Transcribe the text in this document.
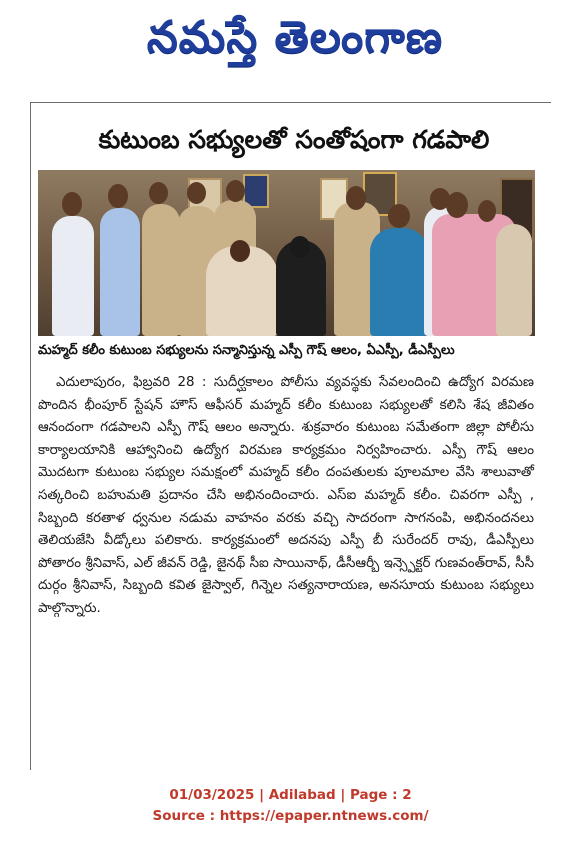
నమస్తే తెలంగాణ
కుటుంబ సభ్యులతో సంతోషంగా గడపాలి
మహ్మద్ కలీం కుటుంబ సభ్యులను సన్మానిస్తున్న ఎస్పీ గౌష్ ఆలం, ఏఎస్పీ, డీఎస్పీలు

ఎదులాపురం, ఫిబ్రవరి 28 : సుదీర్ఘకాలం పోలీసు వ్యవస్థకు సేవలందించి ఉద్యోగ విరమణ పొందిన భీంపూర్ స్టేషన్ హౌస్ ఆఫీసర్ మహ్మద్ కలీం కుటుంబ సభ్యులతో కలిసి శేష జీవితం ఆనందంగా గడపాలని ఎస్పీ గౌష్ ఆలం అన్నారు. శుక్రవారం కుటుంబ సమేతంగా జిల్లా పోలీసు కార్యాలయానికి ఆహ్వానించి ఉద్యోగ విరమణ కార్యక్రమం నిర్వహించారు. ఎస్పీ గౌష్ ఆలం మొదటగా కుటుంబ సభ్యుల సమక్షంలో మహ్మద్ కలీం దంపతులకు పూలమాల వేసి శాలువాతో సత్కరించి బహుమతి ప్రదానం చేసి అభినందించారు. ఎస్ఐ మహ్మద్ కలీం. చివరగా ఎస్పీ , సిబ్బంది కరతాళ ధ్వనుల నడుమ వాహనం వరకు వచ్చి సాదరంగా సాగనంపి, అభినందనలు తెలియజేసి వీడ్కోలు పలికారు. కార్యక్రమంలో అదనపు ఎస్పీ బీ సురేందర్ రావు, డీఎస్పీలు పోతారం శ్రీనివాస్, ఎల్ జీవన్ రెడ్డి, జైనథ్ సీఐ సాయినాథ్, డీసీఆర్బీ ఇన్స్పెక్టర్ గుణవంత్‌రావ్, సీసీ దుర్గం శ్రీనివాస్, సిబ్బంది కవిత జైస్వాల్, గిన్నెల సత్యనారాయణ, అనసూయ కుటుంబ సభ్యులు పాల్గొన్నారు.

01/03/2025 | Adilabad | Page : 2
Source : https://epaper.ntnews.com/
